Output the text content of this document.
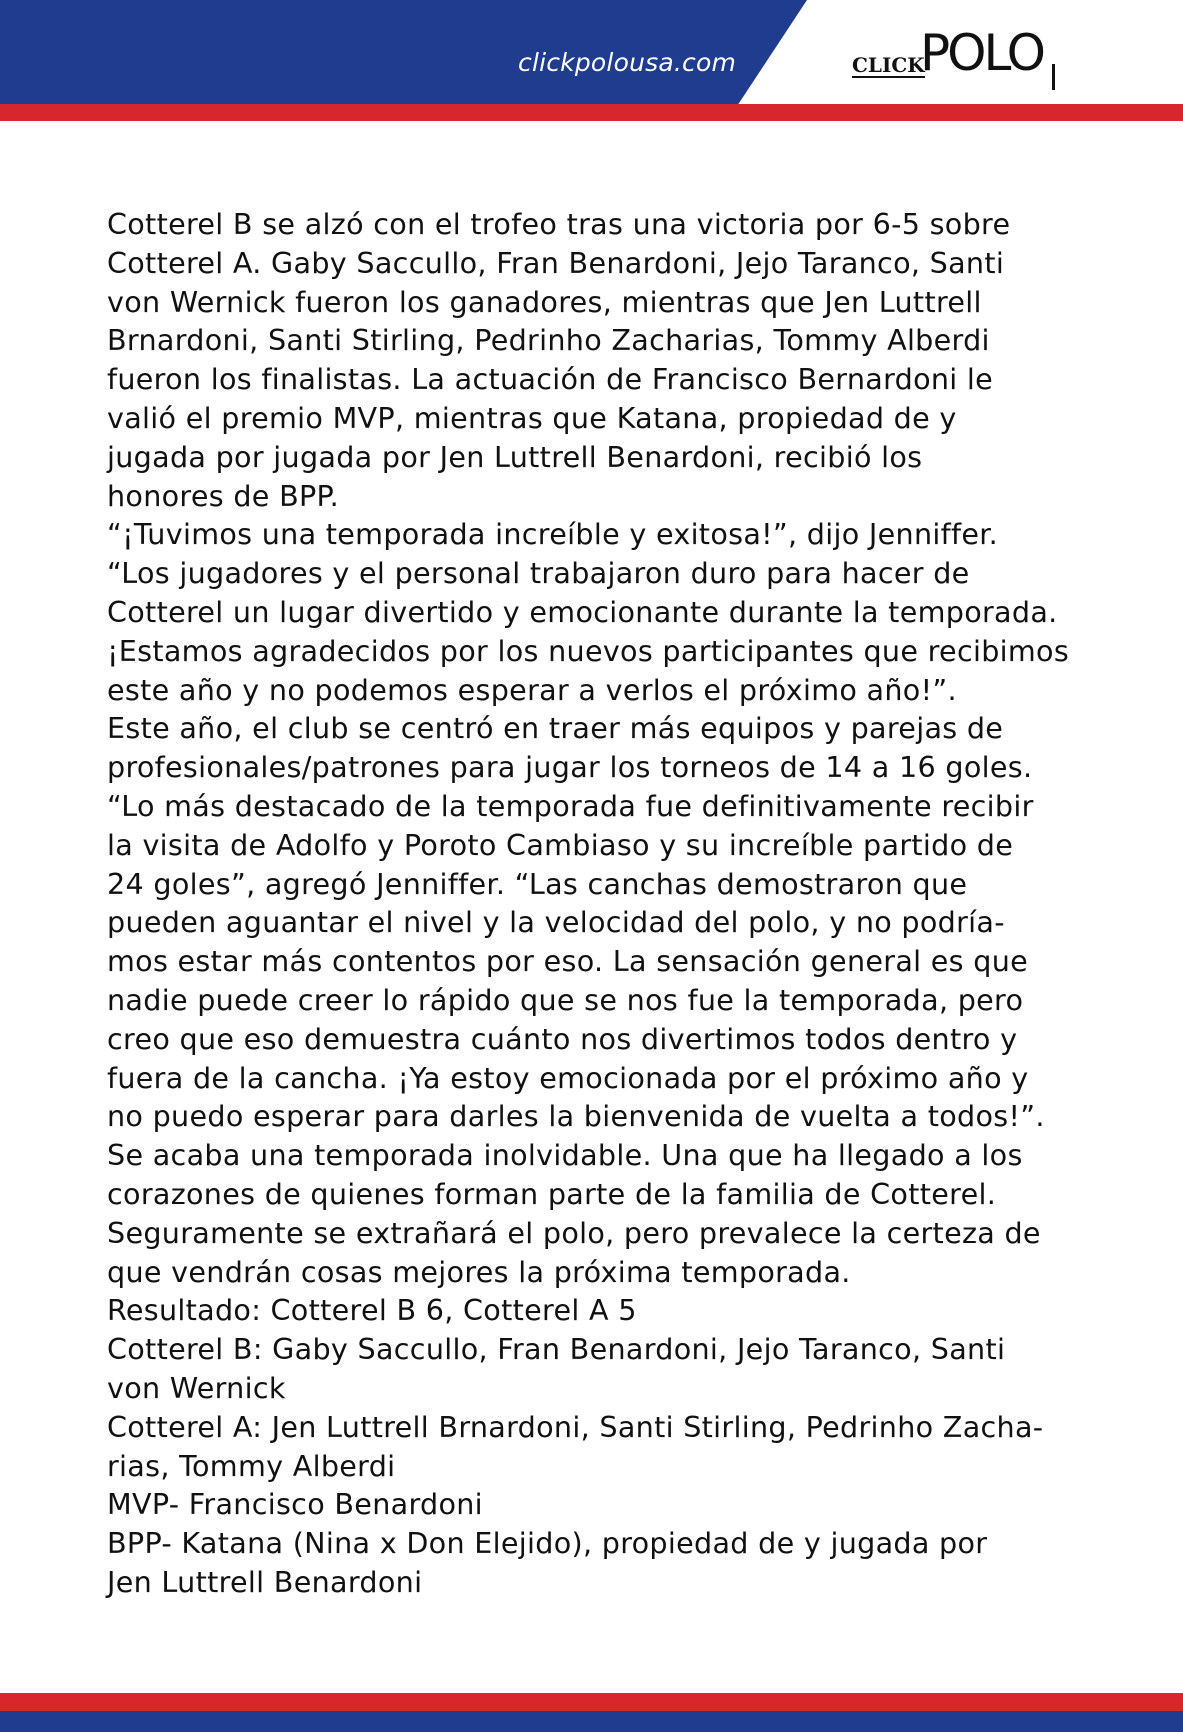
clickpolousa.com	CLICK
POLO
Cotterel B se alzó con el trofeo tras una victoria por 6-5 sobre
Cotterel A. Gaby Saccullo, Fran Benardoni, Jejo Taranco, Santi
von Wernick fueron los ganadores, mientras que Jen Luttrell
Brnardoni, Santi Stirling, Pedrinho Zacharias, Tommy Alberdi
fueron los finalistas. La actuación de Francisco Bernardoni le
valió el premio MVP, mientras que Katana, propiedad de y
jugada por jugada por Jen Luttrell Benardoni, recibió los
honores de BPP.
“¡Tuvimos una temporada increíble y exitosa!”, dijo Jenniffer.
“Los jugadores y el personal trabajaron duro para hacer de
Cotterel un lugar divertido y emocionante durante la temporada.
¡Estamos agradecidos por los nuevos participantes que recibimos
este año y no podemos esperar a verlos el próximo año!”.
Este año, el club se centró en traer más equipos y parejas de
profesionales/patrones para jugar los torneos de 14 a 16 goles.
“Lo más destacado de la temporada fue definitivamente recibir
la visita de Adolfo y Poroto Cambiaso y su increíble partido de
24 goles”, agregó Jenniffer. “Las canchas demostraron que
pueden aguantar el nivel y la velocidad del polo, y no podría-
mos estar más contentos por eso. La sensación general es que
nadie puede creer lo rápido que se nos fue la temporada, pero
creo que eso demuestra cuánto nos divertimos todos dentro y
fuera de la cancha. ¡Ya estoy emocionada por el próximo año y
no puedo esperar para darles la bienvenida de vuelta a todos!”.
Se acaba una temporada inolvidable. Una que ha llegado a los
corazones de quienes forman parte de la familia de Cotterel.
Seguramente se extrañará el polo, pero prevalece la certeza de
que vendrán cosas mejores la próxima temporada.
Resultado: Cotterel B 6, Cotterel A 5
Cotterel B: Gaby Saccullo, Fran Benardoni, Jejo Taranco, Santi
von Wernick
Cotterel A: Jen Luttrell Brnardoni, Santi Stirling, Pedrinho Zacha-
rias, Tommy Alberdi
MVP- Francisco Benardoni
BPP- Katana (Nina x Don Elejido), propiedad de y jugada por
Jen Luttrell Benardoni
